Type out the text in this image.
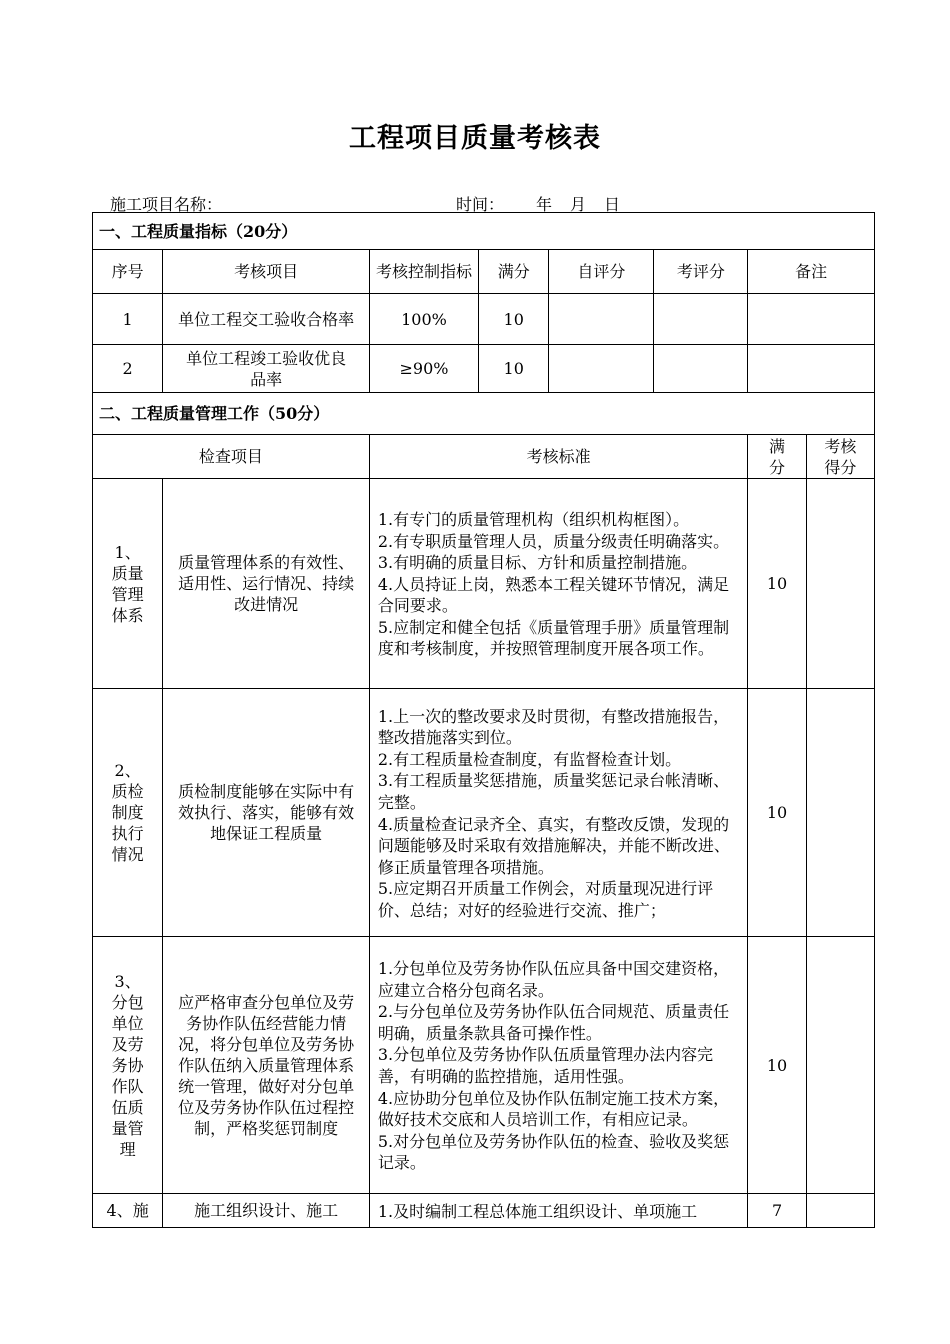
工程项目质量考核表
施工项目名称：	时间： 年 月 日
一、工程质量指标（20分）							
序号	考核项目	考核控制指标	满分	自评分	考评分	备注	
1	单位工程交工验收合格率	100%	10				
2	单位工程竣工验收优良品率	≥90%	10				
二、工程质量管理工作（50分）							
检查项目		考核标准				满分	考核得分
1、质量管理体系	质量管理体系的有效性、适用性、运行情况、持续改进情况	1.有专门的质量管理机构（组织机构框图）。
2.有专职质量管理人员，质量分级责任明确落实。
3.有明确的质量目标、方针和质量控制措施。
4.人员持证上岗，熟悉本工程关键环节情况，满足合同要求。
5.应制定和健全包括《质量管理手册》质量管理制度和考核制度，并按照管理制度开展各项工作。				10	
2、质检制度执行情况	质检制度能够在实际中有效执行、落实，能够有效地保证工程质量	1.上一次的整改要求及时贯彻，有整改措施报告，整改措施落实到位。
2.有工程质量检查制度，有监督检查计划。
3.有工程质量奖惩措施，质量奖惩记录台帐清晰、完整。
4.质量检查记录齐全、真实，有整改反馈，发现的问题能够及时采取有效措施解决，并能不断改进、修正质量管理各项措施。
5.应定期召开质量工作例会，对质量现况进行评价、总结；对好的经验进行交流、推广；				10	
3、分包单位及劳务协作队伍质量管理	应严格审查分包单位及劳务协作队伍经营能力情况，将分包单位及劳务协作队伍纳入质量管理体系统一管理，做好对分包单位及劳务协作队伍过程控制，严格奖惩罚制度	1.分包单位及劳务协作队伍应具备中国交建资格，应建立合格分包商名录。
2.与分包单位及劳务协作队伍合同规范、质量责任明确，质量条款具备可操作性。
3.分包单位及劳务协作队伍质量管理办法内容完善，有明确的监控措施，适用性强。
4.应协助分包单位及协作队伍制定施工技术方案，做好技术交底和人员培训工作，有相应记录。
5.对分包单位及劳务协作队伍的检查、验收及奖惩记录。				10	
4、施	施工组织设计、施工	1.及时编制工程总体施工组织设计、单项施工				7	
